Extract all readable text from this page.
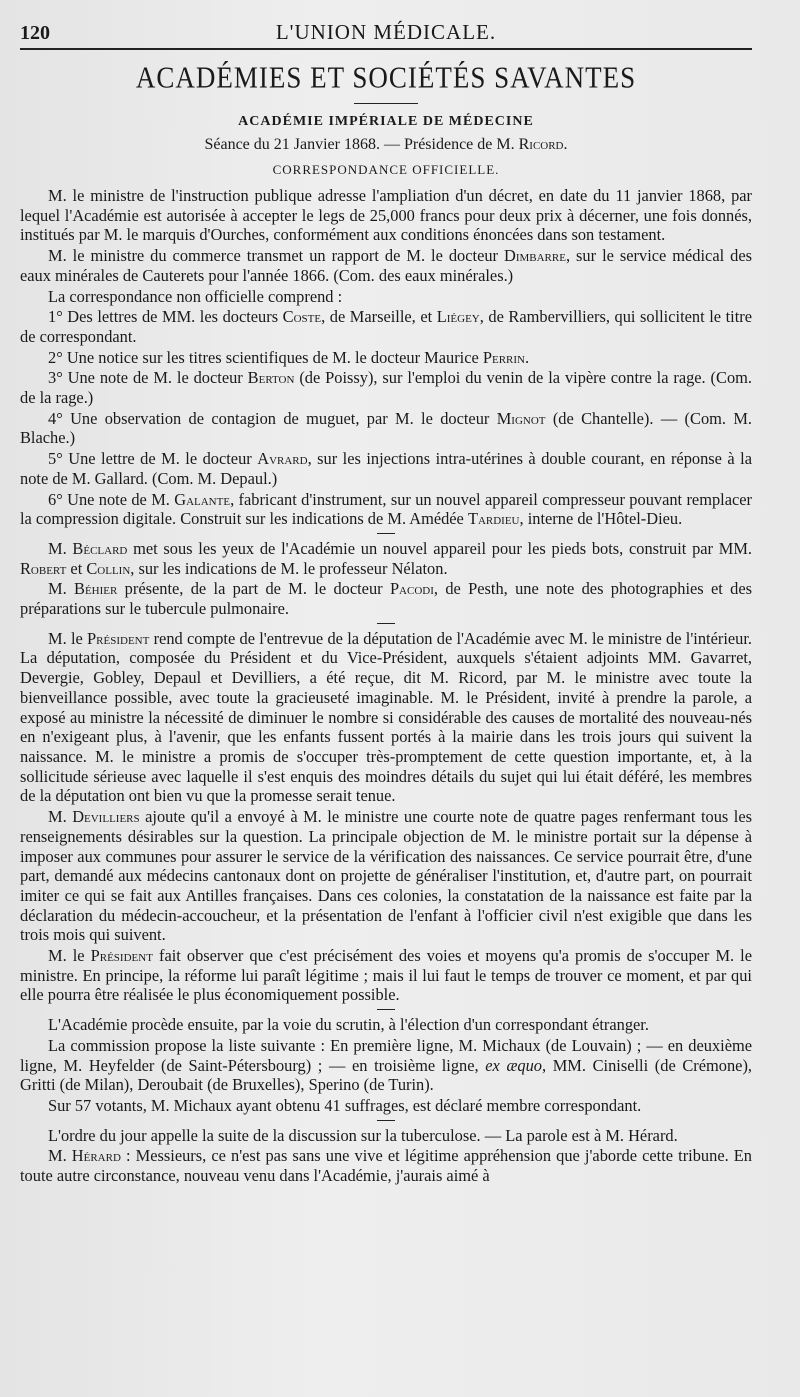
120	L'UNION MÉDICALE.
ACADÉMIES ET SOCIÉTÉS SAVANTES
ACADÉMIE IMPÉRIALE DE MÉDECINE
Séance du 21 Janvier 1868. — Présidence de M. Ricord.
CORRESPONDANCE OFFICIELLE.

M. le ministre de l'instruction publique adresse l'ampliation d'un décret, en date du 11 janvier 1868, par lequel l'Académie est autorisée à accepter le legs de 25,000 francs pour deux prix à décerner, une fois donnés, institués par M. le marquis d'Ourches, conformément aux conditions énoncées dans son testament.

M. le ministre du commerce transmet un rapport de M. le docteur Dimbarre, sur le service médical des eaux minérales de Cauterets pour l'année 1866. (Com. des eaux minérales.)

La correspondance non officielle comprend :

1° Des lettres de MM. les docteurs Coste, de Marseille, et Liégey, de Rambervilliers, qui sollicitent le titre de correspondant.

2° Une notice sur les titres scientifiques de M. le docteur Maurice Perrin.

3° Une note de M. le docteur Berton (de Poissy), sur l'emploi du venin de la vipère contre la rage. (Com. de la rage.)

4° Une observation de contagion de muguet, par M. le docteur Mignot (de Chantelle). — (Com. M. Blache.)

5° Une lettre de M. le docteur Avrard, sur les injections intra-utérines à double courant, en réponse à la note de M. Gallard. (Com. M. Depaul.)

6° Une note de M. Galante, fabricant d'instrument, sur un nouvel appareil compresseur pouvant remplacer la compression digitale. Construit sur les indications de M. Amédée Tardieu, interne de l'Hôtel-Dieu.

M. Béclard met sous les yeux de l'Académie un nouvel appareil pour les pieds bots, construit par MM. Robert et Collin, sur les indications de M. le professeur Nélaton.

M. Béhier présente, de la part de M. le docteur Pacodi, de Pesth, une note des photographies et des préparations sur le tubercule pulmonaire.

M. le Président rend compte de l'entrevue de la députation de l'Académie avec M. le ministre de l'intérieur. La députation, composée du Président et du Vice-Président, auxquels s'étaient adjoints MM. Gavarret, Devergie, Gobley, Depaul et Devilliers, a été reçue, dit M. Ricord, par M. le ministre avec toute la bienveillance possible, avec toute la gracieuseté imaginable. M. le Président, invité à prendre la parole, a exposé au ministre la nécessité de diminuer le nombre si considérable des causes de mortalité des nouveau-nés en n'exigeant plus, à l'avenir, que les enfants fussent portés à la mairie dans les trois jours qui suivent la naissance. M. le ministre a promis de s'occuper très-promptement de cette question importante, et, à la sollicitude sérieuse avec laquelle il s'est enquis des moindres détails du sujet qui lui était déféré, les membres de la députation ont bien vu que la promesse serait tenue.

M. Devilliers ajoute qu'il a envoyé à M. le ministre une courte note de quatre pages renfermant tous les renseignements désirables sur la question. La principale objection de M. le ministre portait sur la dépense à imposer aux communes pour assurer le service de la vérification des naissances. Ce service pourrait être, d'une part, demandé aux médecins cantonaux dont on projette de généraliser l'institution, et, d'autre part, on pourrait imiter ce qui se fait aux Antilles françaises. Dans ces colonies, la constatation de la naissance est faite par la déclaration du médecin-accoucheur, et la présentation de l'enfant à l'officier civil n'est exigible que dans les trois mois qui suivent.

M. le Président fait observer que c'est précisément des voies et moyens qu'a promis de s'occuper M. le ministre. En principe, la réforme lui paraît légitime ; mais il lui faut le temps de trouver ce moment, et par qui elle pourra être réalisée le plus économiquement possible.

L'Académie procède ensuite, par la voie du scrutin, à l'élection d'un correspondant étranger.

La commission propose la liste suivante : En première ligne, M. Michaux (de Louvain) ; — en deuxième ligne, M. Heyfelder (de Saint-Pétersbourg) ; — en troisième ligne, ex æquo, MM. Ciniselli (de Crémone), Gritti (de Milan), Deroubait (de Bruxelles), Sperino (de Turin).

Sur 57 votants, M. Michaux ayant obtenu 41 suffrages, est déclaré membre correspondant.

L'ordre du jour appelle la suite de la discussion sur la tuberculose. — La parole est à M. Hérard.

M. Hérard : Messieurs, ce n'est pas sans une vive et légitime appréhension que j'aborde cette tribune. En toute autre circonstance, nouveau venu dans l'Académie, j'aurais aimé à
